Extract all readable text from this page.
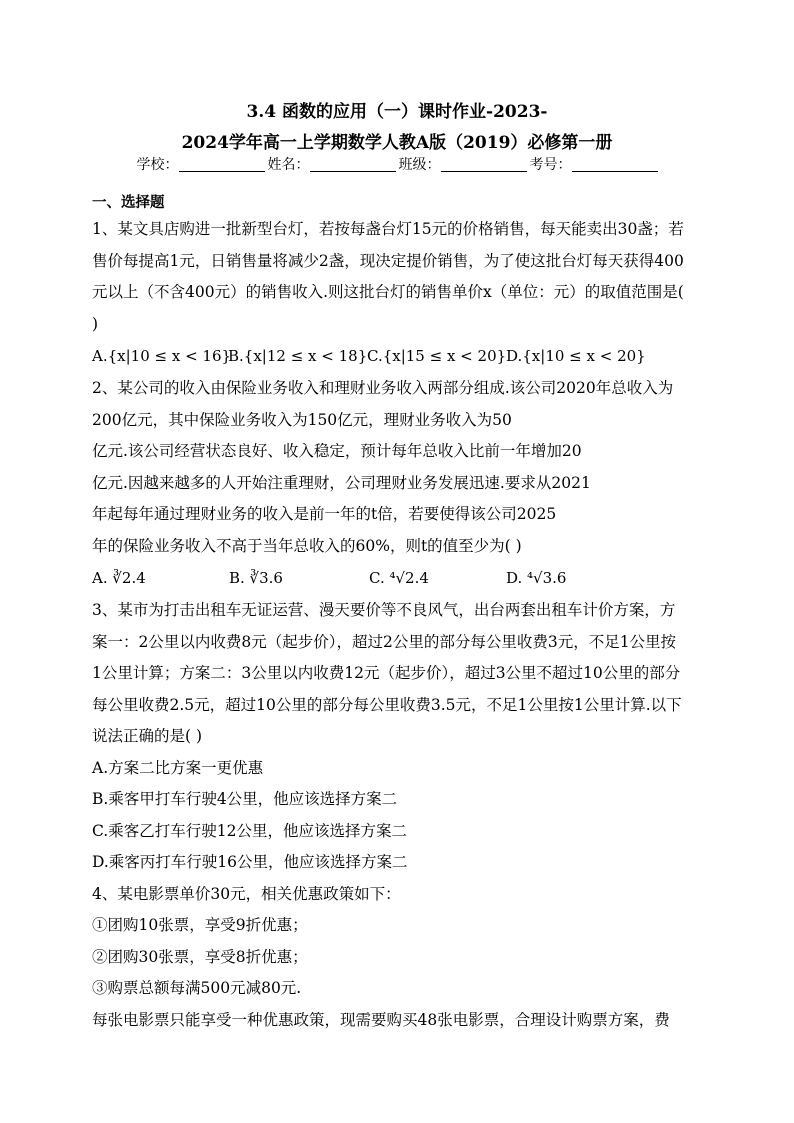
3.4 函数的应用（一）课时作业-2023-
2024学年高一上学期数学人教A版（2019）必修第一册
学校：	姓名：	班级：	考号：
一、选择题
1、某文具店购进一批新型台灯，若按每盏台灯15元的价格销售，每天能卖出30盏；若
售价每提高1元，日销售量将减少2盏，现决定提价销售，为了使这批台灯每天获得400
元以上（不含400元）的销售收入.则这批台灯的销售单价x（单位：元）的取值范围是(
)
A.{x|10 ≤ x < 16}
B.{x|12 ≤ x < 18} C.{x|15 ≤ x < 20} D.{x|10 ≤ x < 20}
2、某公司的收入由保险业务收入和理财业务收入两部分组成.该公司2020年总收入为
200亿元，其中保险业务收入为150亿元，理财业务收入为50
亿元.该公司经营状态良好、收入稳定，预计每年总收入比前一年增加20
亿元.因越来越多的人开始注重理财，公司理财业务发展迅速.要求从2021
年起每年通过理财业务的收入是前一年的t倍，若要使得该公司2025
年的保险业务收入不高于当年总收入的60%，则t的值至少为( )
A. ∛2.4	B. ∛3.6	C. ⁴√2.4	D. ⁴√3.6
3、某市为打击出租车无证运营、漫天要价等不良风气，出台两套出租车计价方案，方
案一：2公里以内收费8元（起步价），超过2公里的部分每公里收费3元，不足1公里按
1公里计算；方案二：3公里以内收费12元（起步价），超过3公里不超过10公里的部分
每公里收费2.5元，超过10公里的部分每公里收费3.5元，不足1公里按1公里计算.以下
说法正确的是( )
A.方案二比方案一更优惠
B.乘客甲打车行驶4公里，他应该选择方案二
C.乘客乙打车行驶12公里，他应该选择方案二
D.乘客丙打车行驶16公里，他应该选择方案二
4、某电影票单价30元，相关优惠政策如下：
①团购10张票，享受9折优惠；
②团购30张票，享受8折优惠；
③购票总额每满500元减80元.
每张电影票只能享受一种优惠政策，现需要购买48张电影票，合理设计购票方案，费
